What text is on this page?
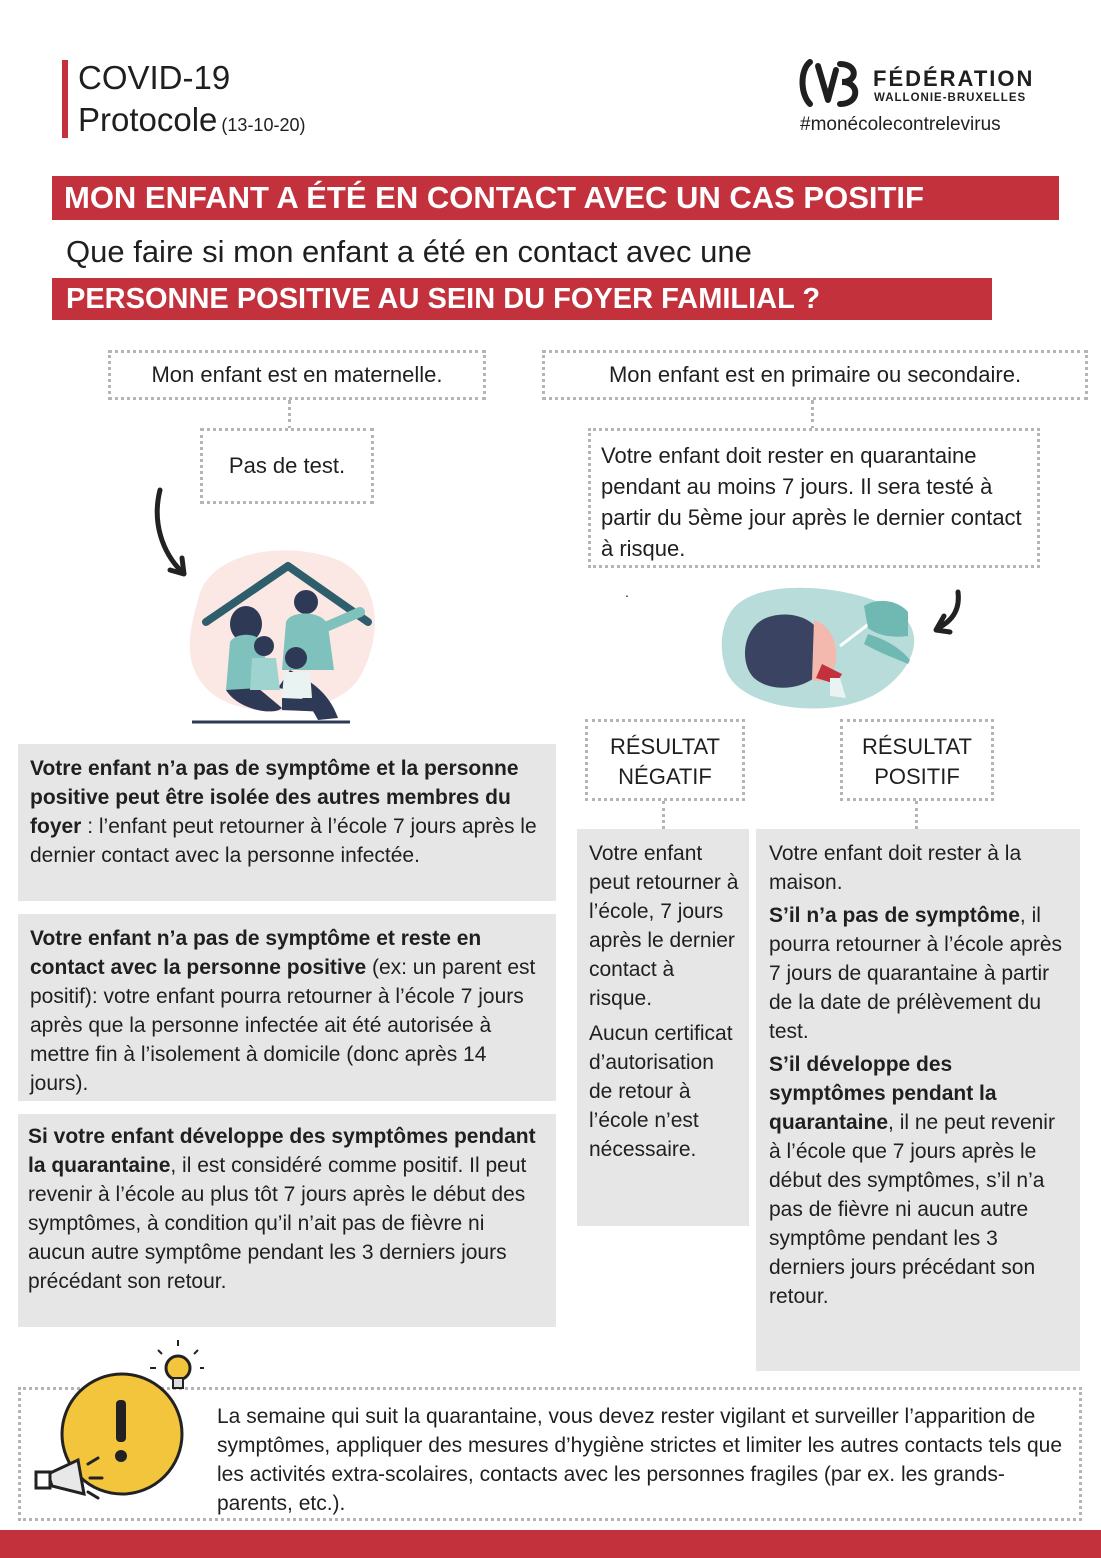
COVID-19
Protocole (13-10-20)
FÉDÉRATION
WALLONIE-BRUXELLES
#monécolecontrelevirus
MON ENFANT A ÉTÉ EN CONTACT AVEC UN CAS POSITIF
Que faire si mon enfant a été en contact avec une
PERSONNE POSITIVE AU SEIN DU FOYER FAMILIAL ?
Mon enfant est en maternelle.
Pas de test.
Mon enfant est en primaire ou secondaire.
Votre enfant doit rester en quarantaine pendant au moins 7 jours. Il sera testé à partir du 5ème jour après le dernier contact à risque.
.
RÉSULTAT
NÉGATIF
RÉSULTAT
POSITIF

Votre enfant peut retourner à l’école, 7 jours après le dernier contact à risque.

Aucun certificat d’autorisation de retour à l’école n’est nécessaire.

Votre enfant doit rester à la maison.

S’il n’a pas de symptôme, il pourra retourner à l’école après 7 jours de quarantaine à partir de la date de prélèvement du test.

S’il développe des symptômes pendant la quarantaine, il ne peut revenir à l’école que 7 jours après le début des symptômes, s’il n’a pas de fièvre ni aucun autre symptôme pendant les 3 derniers jours précédant son retour.

Votre enfant n’a pas de symptôme et la personne positive peut être isolée des autres membres du foyer : l’enfant peut retourner à l’école 7 jours après le dernier contact avec la personne infectée.

Votre enfant n’a pas de symptôme et reste en contact avec la personne positive (ex: un parent est positif): votre enfant pourra retourner à l’école 7 jours après que la personne infectée ait été autorisée à mettre fin à l’isolement à domicile (donc après 14 jours).

Si votre enfant développe des symptômes pendant la quarantaine, il est considéré comme positif. Il peut revenir à l’école au plus tôt 7 jours après le début des symptômes, à condition qu’il n’ait pas de fièvre ni aucun autre symptôme pendant les 3 derniers jours précédant son retour.

La semaine qui suit la quarantaine, vous devez rester vigilant et surveiller l’apparition de symptômes, appliquer des mesures d’hygiène strictes et limiter les autres contacts tels que les activités extra-scolaires, contacts avec les personnes fragiles (par ex. les grands-parents, etc.).
